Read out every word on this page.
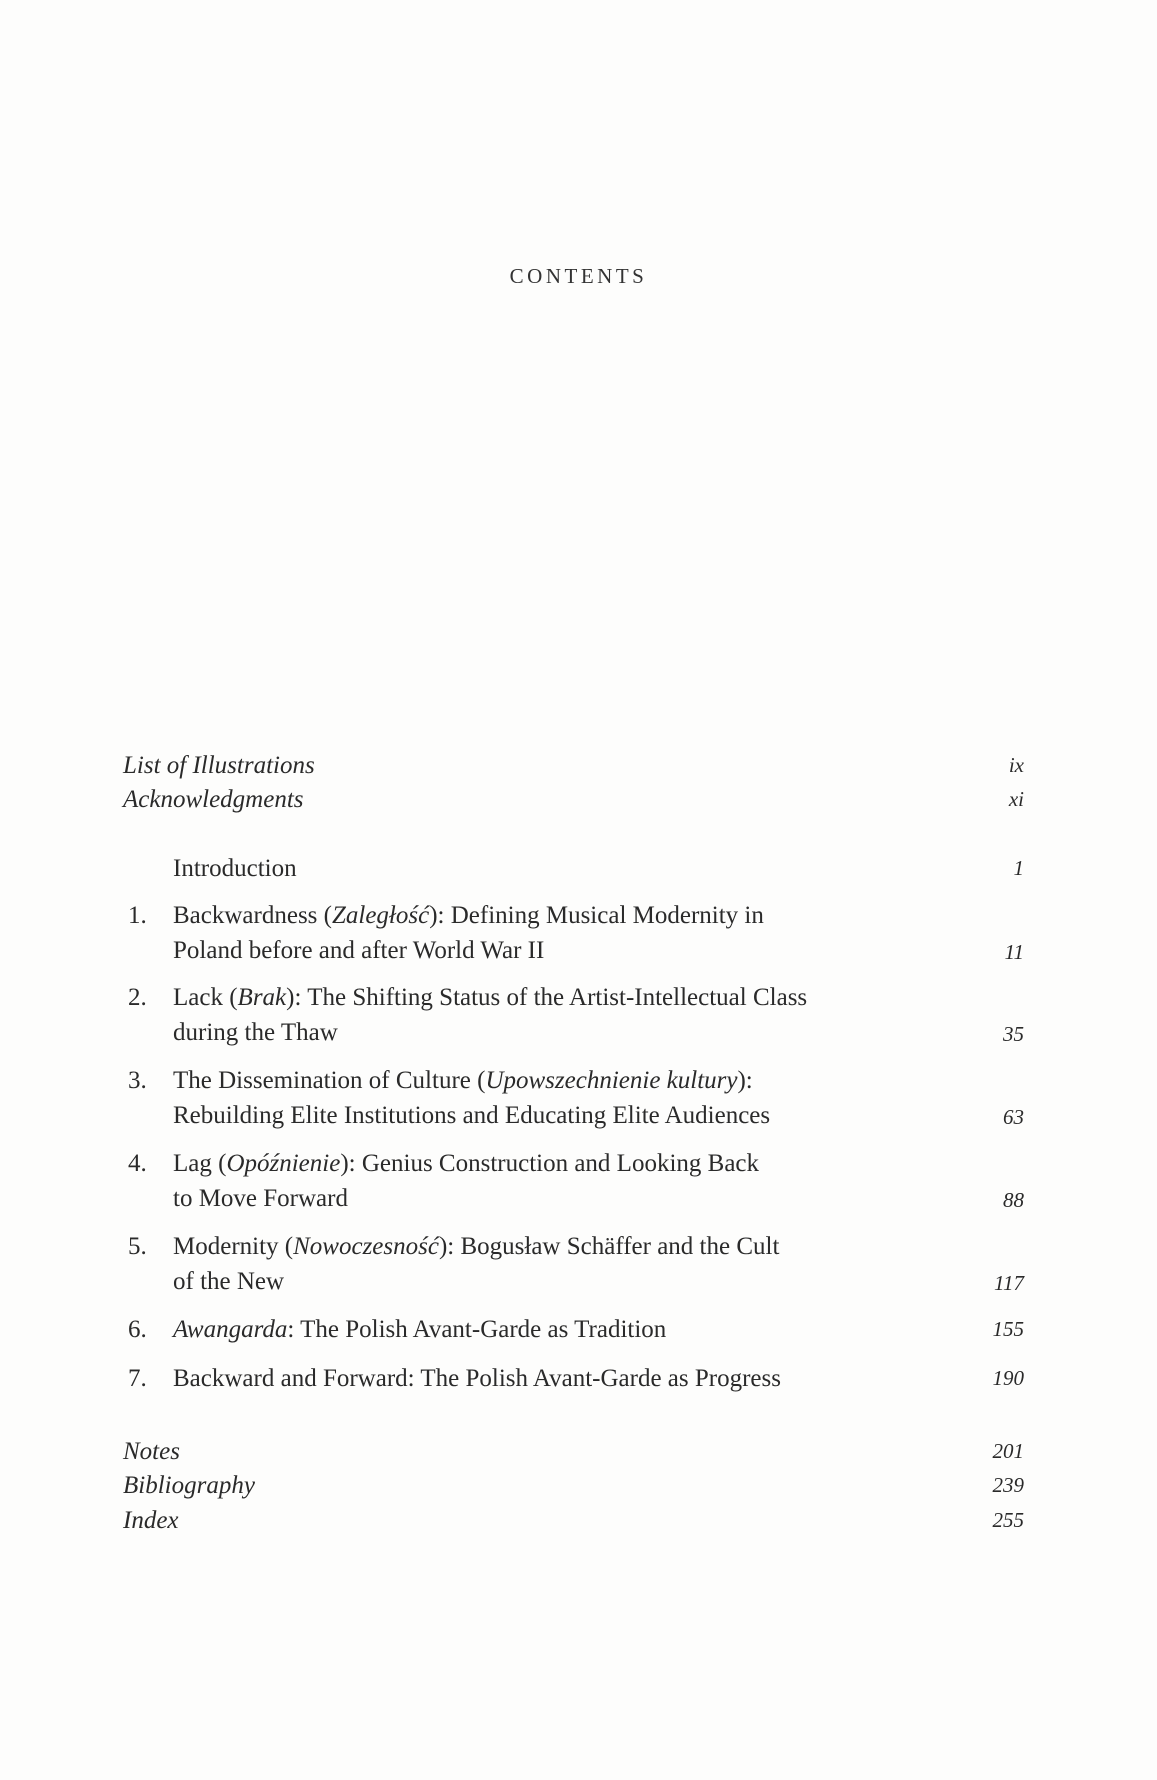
CONTENTS
List of Illustrations	ix
Acknowledgments	xi
Introduction	1
1.	Backwardness (Zaległość): Defining Musical Modernity in
Poland before and after World War II	11
2.	Lack (Brak): The Shifting Status of the Artist-Intellectual Class
during the Thaw	35
3.	The Dissemination of Culture (Upowszechnienie kultury):
Rebuilding Elite Institutions and Educating Elite Audiences	63
4.	Lag (Opóźnienie): Genius Construction and Looking Back
to Move Forward	88
5.	Modernity (Nowoczesność): Bogusław Schäffer and the Cult
of the New	117
6.	Awangarda: The Polish Avant-Garde as Tradition	155
7.	Backward and Forward: The Polish Avant-Garde as Progress	190
Notes	201
Bibliography	239
Index	255
